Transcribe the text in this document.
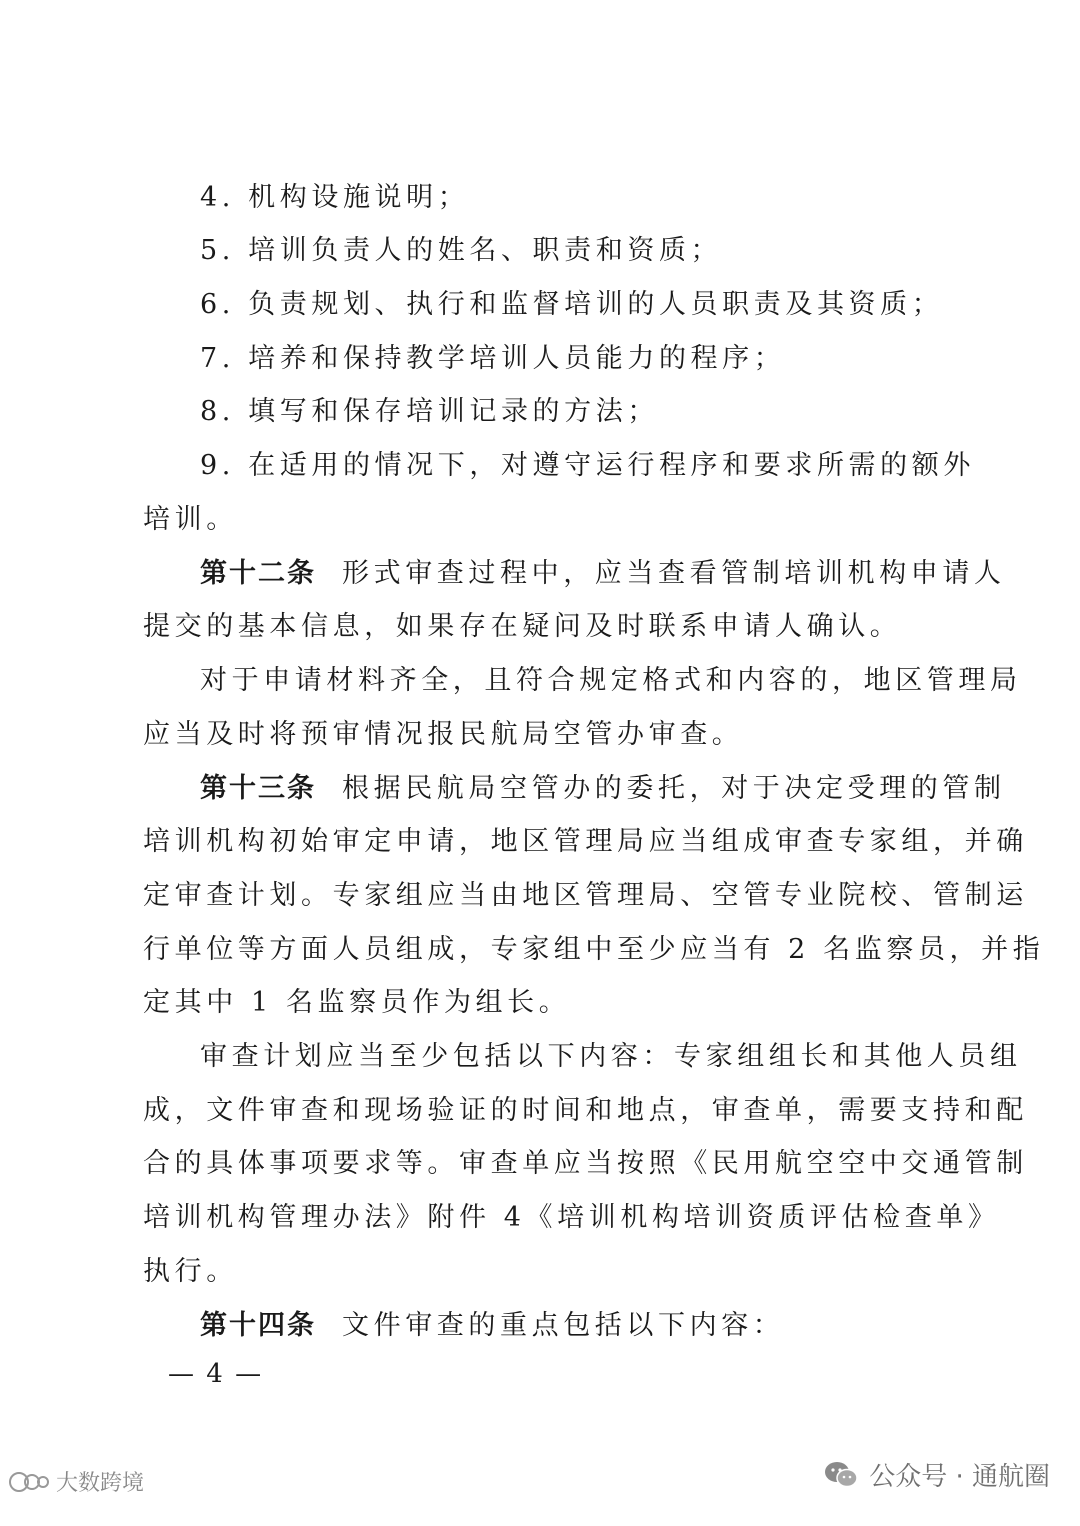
4. 机构设施说明；
5. 培训负责人的姓名、职责和资质；
6. 负责规划、执行和监督培训的人员职责及其资质；
7. 培养和保持教学培训人员能力的程序；
8. 填写和保存培训记录的方法；
9. 在适用的情况下，对遵守运行程序和要求所需的额外
培训。
第十二条 形式审查过程中，应当查看管制培训机构申请人
提交的基本信息，如果存在疑问及时联系申请人确认。
对于申请材料齐全，且符合规定格式和内容的，地区管理局
应当及时将预审情况报民航局空管办审查。
第十三条 根据民航局空管办的委托，对于决定受理的管制
培训机构初始审定申请，地区管理局应当组成审查专家组，并确
定审查计划。专家组应当由地区管理局、空管专业院校、管制运
行单位等方面人员组成，专家组中至少应当有 2 名监察员，并指
定其中 1 名监察员作为组长。
审查计划应当至少包括以下内容：专家组组长和其他人员组
成，文件审查和现场验证的时间和地点，审查单，需要支持和配
合的具体事项要求等。审查单应当按照《民用航空空中交通管制
培训机构管理办法》附件 4《培训机构培训资质评估检查单》
执行。
第十四条 文件审查的重点包括以下内容：
— 4 —
大数跨境	公众号 · 通航圈
